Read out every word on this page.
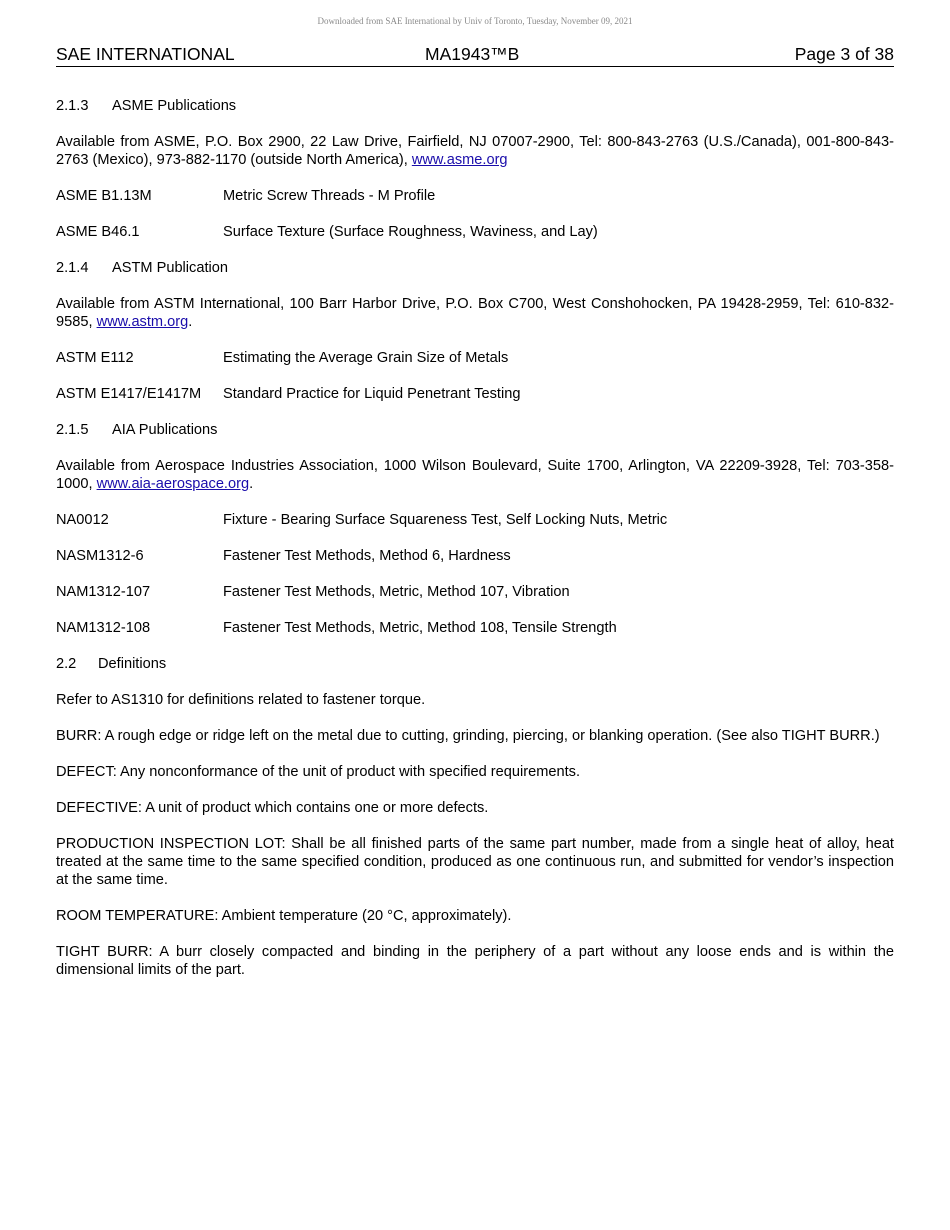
Downloaded from SAE International by Univ of Toronto, Tuesday, November 09, 2021
SAE INTERNATIONAL	MA1943™B	Page 3 of 38
2.1.3	ASME Publications

Available from ASME, P.O. Box 2900, 22 Law Drive, Fairfield, NJ 07007-2900, Tel: 800-843-2763 (U.S./Canada), 001-800-843-2763 (Mexico), 973-882-1170 (outside North America), www.asme.org

ASME B1.13M	Metric Screw Threads - M Profile
ASME B46.1	Surface Texture (Surface Roughness, Waviness, and Lay)
2.1.4	ASTM Publication

Available from ASTM International, 100 Barr Harbor Drive, P.O. Box C700, West Conshohocken, PA 19428-2959, Tel: 610-832-9585, www.astm.org.

ASTM E112	Estimating the Average Grain Size of Metals
ASTM E1417/E1417M	Standard Practice for Liquid Penetrant Testing
2.1.5	AIA Publications

Available from Aerospace Industries Association, 1000 Wilson Boulevard, Suite 1700, Arlington, VA 22209-3928, Tel: 703-358-1000, www.aia-aerospace.org.

NA0012	Fixture - Bearing Surface Squareness Test, Self Locking Nuts, Metric
NASM1312-6	Fastener Test Methods, Method 6, Hardness
NAM1312-107	Fastener Test Methods, Metric, Method 107, Vibration
NAM1312-108	Fastener Test Methods, Metric, Method 108, Tensile Strength
2.2	Definitions

Refer to AS1310 for definitions related to fastener torque.

BURR: A rough edge or ridge left on the metal due to cutting, grinding, piercing, or blanking operation. (See also TIGHT BURR.)

DEFECT: Any nonconformance of the unit of product with specified requirements.

DEFECTIVE: A unit of product which contains one or more defects.

PRODUCTION INSPECTION LOT: Shall be all finished parts of the same part number, made from a single heat of alloy, heat treated at the same time to the same specified condition, produced as one continuous run, and submitted for vendor’s inspection at the same time.

ROOM TEMPERATURE: Ambient temperature (20 °C, approximately).

TIGHT BURR: A burr closely compacted and binding in the periphery of a part without any loose ends and is within the dimensional limits of the part.
